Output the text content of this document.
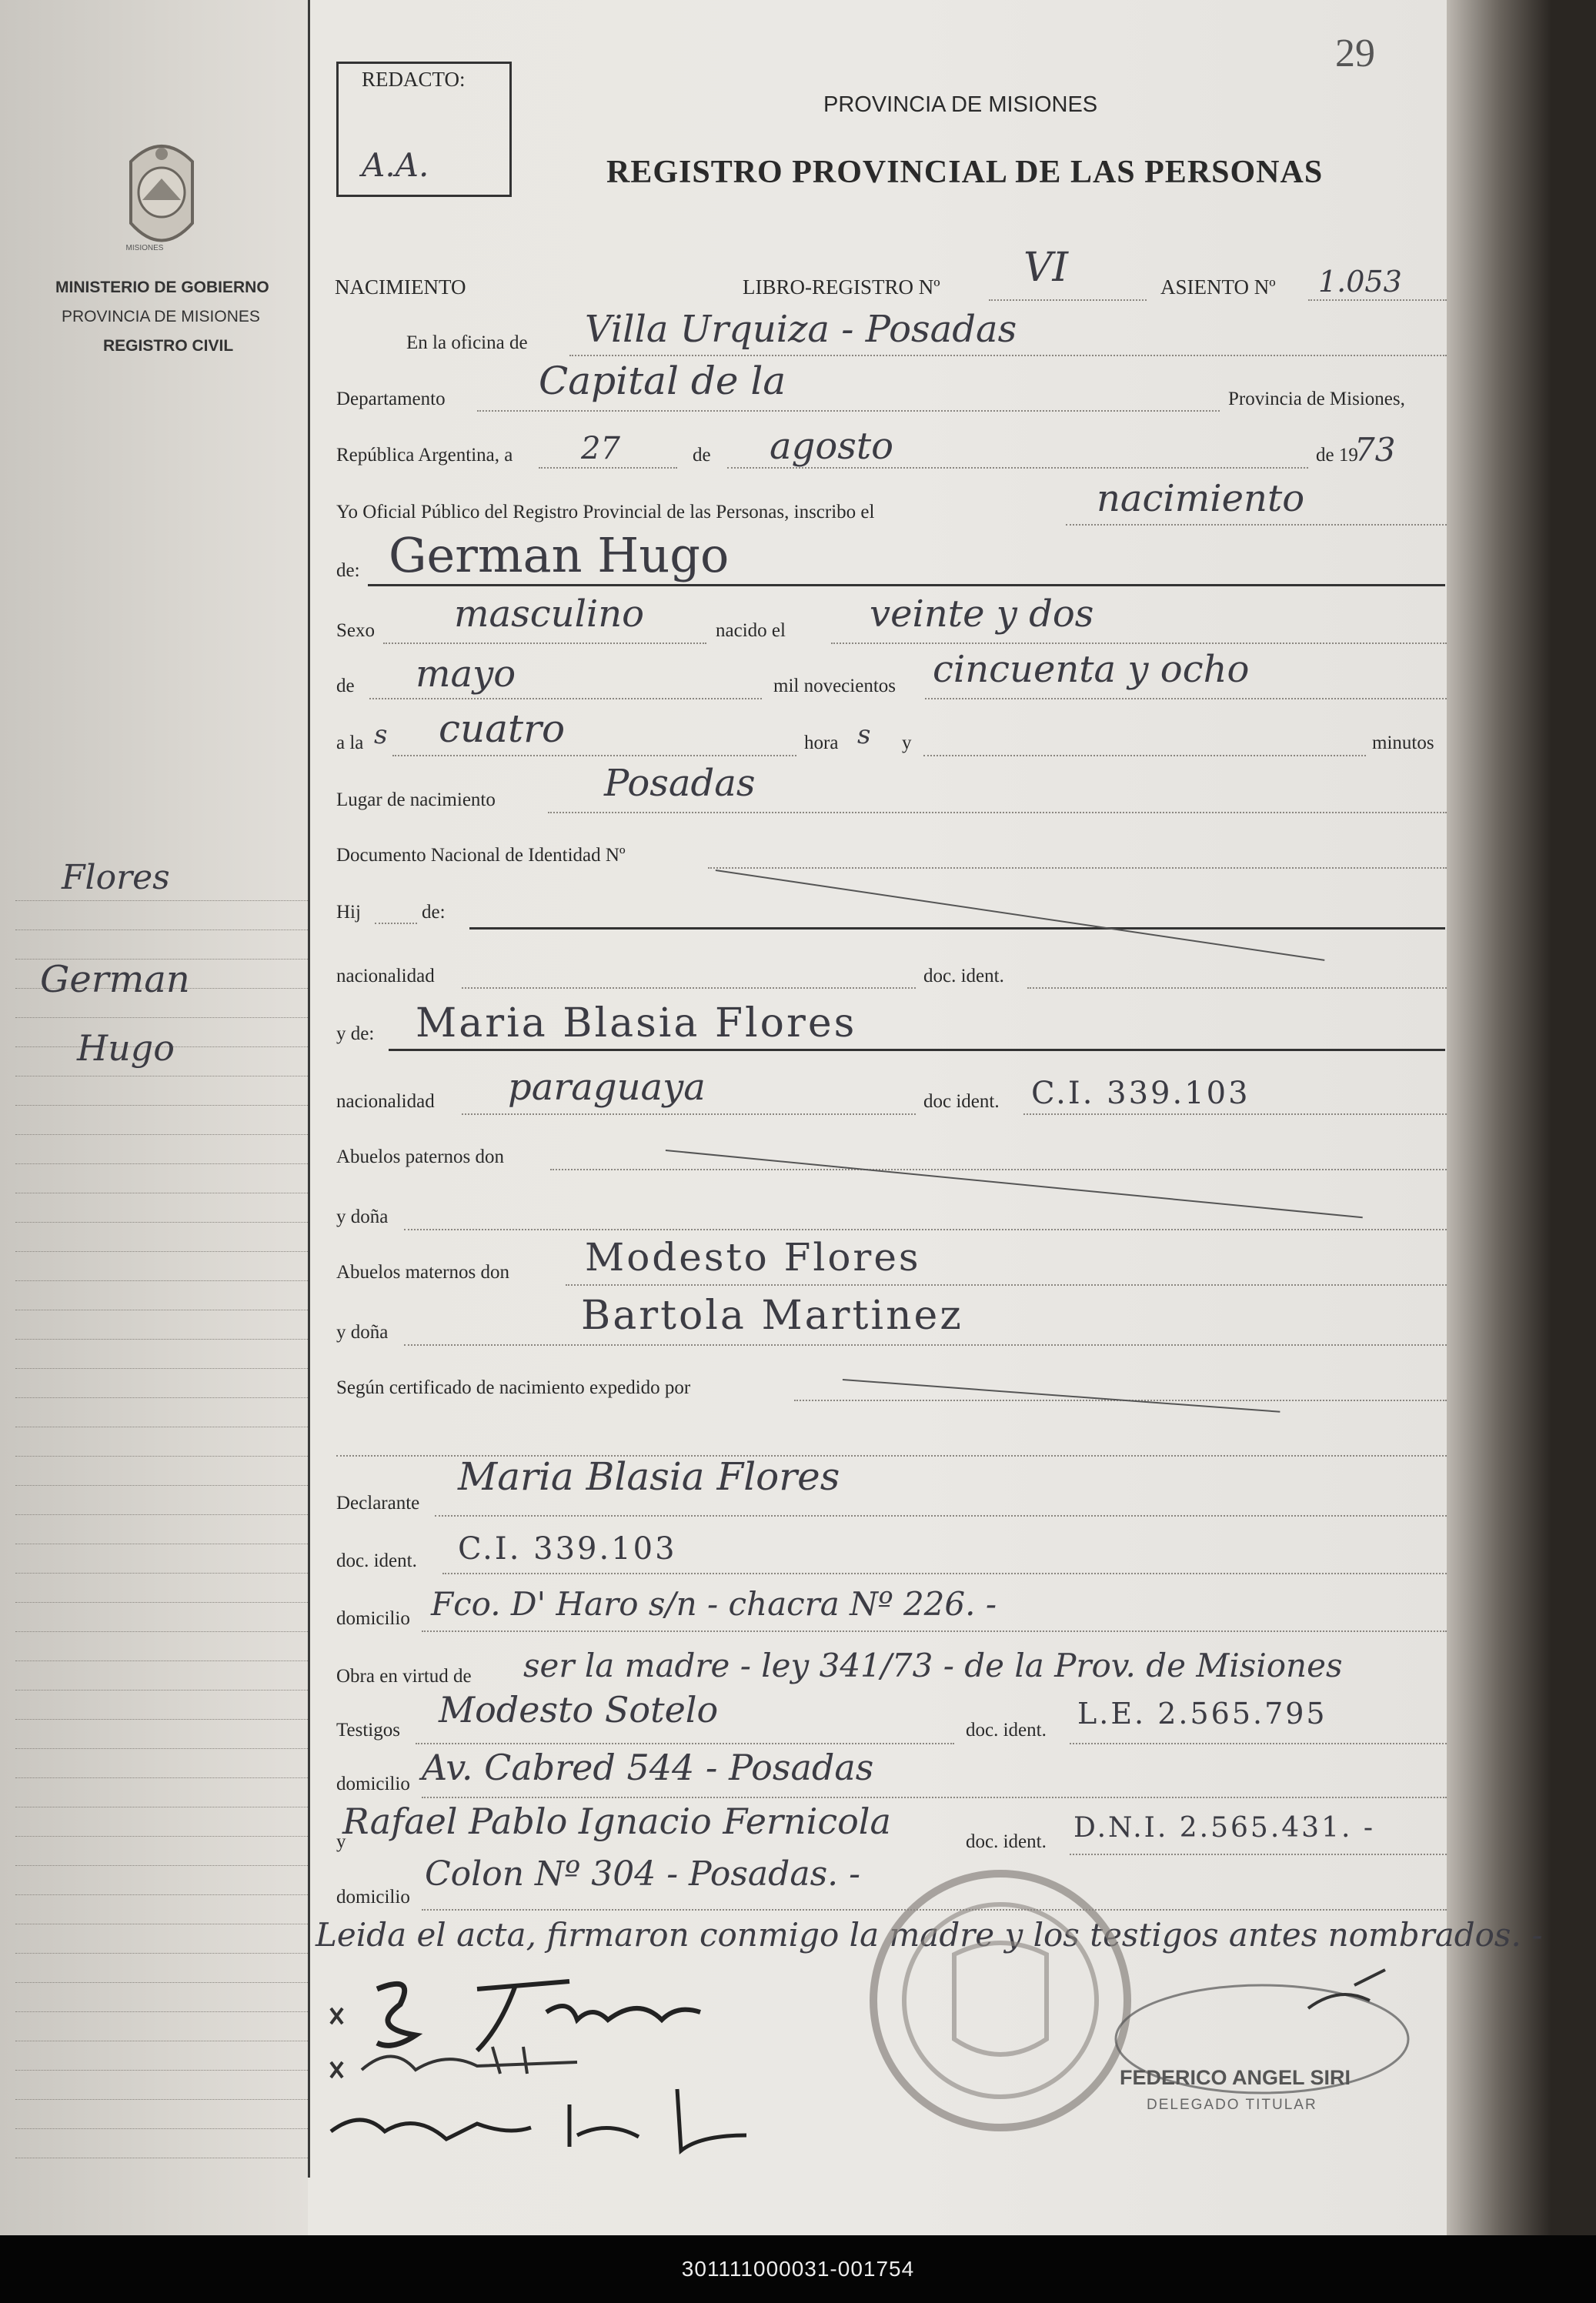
MISIONES
MINISTERIO DE GOBIERNO
PROVINCIA DE MISIONES
REGISTRO CIVIL
Flores
German
Hugo
29
REDACTO:
A.A.
PROVINCIA DE MISIONES
REGISTRO PROVINCIAL DE LAS PERSONAS
NACIMIENTO	LIBRO-REGISTRO Nº VI	ASIENTO Nº 1.053
En la oficina de Villa Urquiza - Posadas
Departamento Capital de la	Provincia de Misiones,
República Argentina, a 27	de agosto	de 19
73
Yo Oficial Público del Registro Provincial de las Personas, inscribo el	nacimiento
de: German Hugo
Sexo masculino	nacido el veinte y dos
de mayo	mil novecientos cincuenta y ocho
a la s cuatro	hora s y	minutos
Lugar de nacimiento	Posadas
Documento Nacional de Identidad Nº
Hij	de:
nacionalidad	doc. ident.
y de: Maria Blasia Flores
nacionalidad paraguaya	doc ident. C.I. 339.103
Abuelos paternos don
y doña
Abuelos maternos don Modesto Flores
y doña	Bartola Martinez
Según certificado de nacimiento expedido por
Declarante
Maria Blasia Flores
doc. ident. C.I. 339.103
domicilio Fco. D' Haro s/n - chacra Nº 226. -
Obra en virtud de ser la madre - ley 341/73 - de la Prov. de Misiones
Testigos Modesto Sotelo	doc. ident. L.E. 2.565.795
domicilio Av. Cabred 544 - Posadas
y
Rafael Pablo Ignacio Fernicola	doc. ident. D.N.I. 2.565.431. -
domicilio
Colon Nº 304 - Posadas. -
Leida el acta, firmaron conmigo la madre y los testigos antes nombrados. -
FEDERICO ANGEL SIRI
DELEGADO TITULAR
301111000031-001754
